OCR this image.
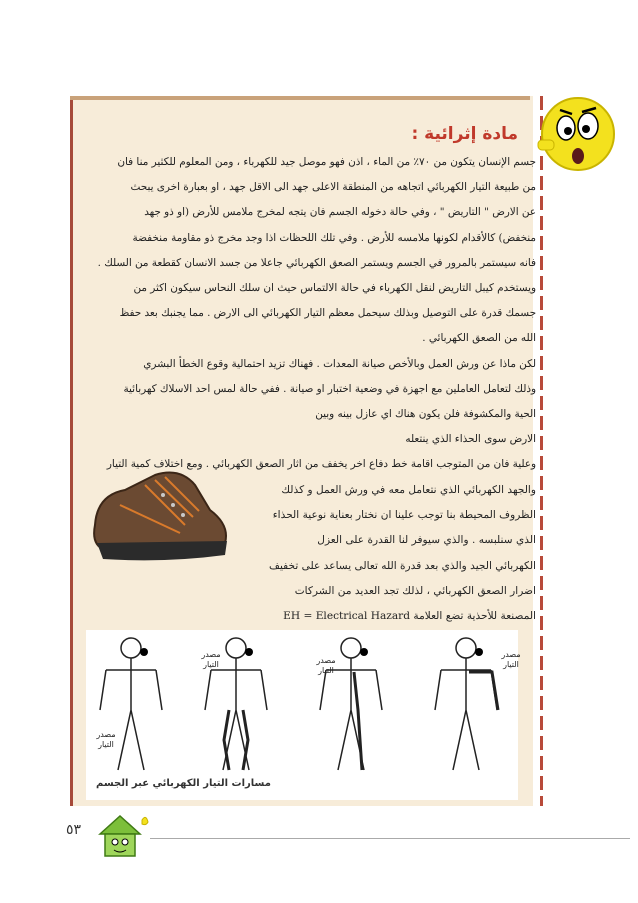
مادة إثرائية :
جسم الإنسان يتكون من ٧٠٪ من الماء ، اذن فهو موصل جيد للكهرباء ، ومن المعلوم للكثير منا فان
من طبيعة التيار الكهربائي اتجاهه من المنطقة الاعلى جهد الى الاقل جهد ، او بعبارة اخرى يبحث
عن الارض " التاريض " ، وفي حالة دخوله الجسم فان يتجه لمخرج ملامس للأرض (او ذو جهد
منخفض) كالأقدام لكونها ملامسه للأرض . وفي تلك اللحظات اذا وجد مخرج ذو مقاومة منخفضة
فانه سيستمر بالمرور في الجسم ويستمر الصعق الكهربائي جاعلا من جسد الانسان كقطعة من السلك .
ويستخدم كيبل التاريض لنقل الكهرباء في حالة الالتماس حيث ان سلك النحاس سيكون اكثر من
جسمك قدرة على التوصيل وبذلك سيحمل معظم التيار الكهربائي الى الارض . مما يجنبك بعد حفظ
الله من الصعق الكهربائي .
لكن ماذا عن ورش العمل وبالأخص صيانة المعدات . فهناك تزيد احتمالية وقوع الخطأ البشري
وذلك لتعامل العاملين مع اجهزة في وضعية اختبار او صيانة . ففي حالة لمس احد الاسلاك كهربائية
الحية والمكشوفة فلن يكون هناك اي عازل بينه وبين
الارض سوى الحذاء الذي ينتعله
وعلية فان من المتوجب اقامة خط دفاع اخر يخفف من اثار الصعق الكهربائي . ومع اختلاف كمية التيار
والجهد الكهربائي الذي نتعامل معه في ورش العمل و كذلك
الظروف المحيطة بنا توجب علينا ان نختار بعناية نوعية الحذاء
الذي سنلبسه . والذي سيوفر لنا القدرة على العزل
الكهربائي الجيد والذي بعد قدرة الله تعالى يساعد على تخفيف
اضرار الصعق الكهربائي ، لذلك تجد العديد من الشركات
المصنعة للأحذية تضع العلامة EH = Electrical Hazard
مصدر التيار	مصدر التيار
مصدر التيار
مصدر التيار
مسارات التيار الكهربائي عبر الجسم
٥٣
